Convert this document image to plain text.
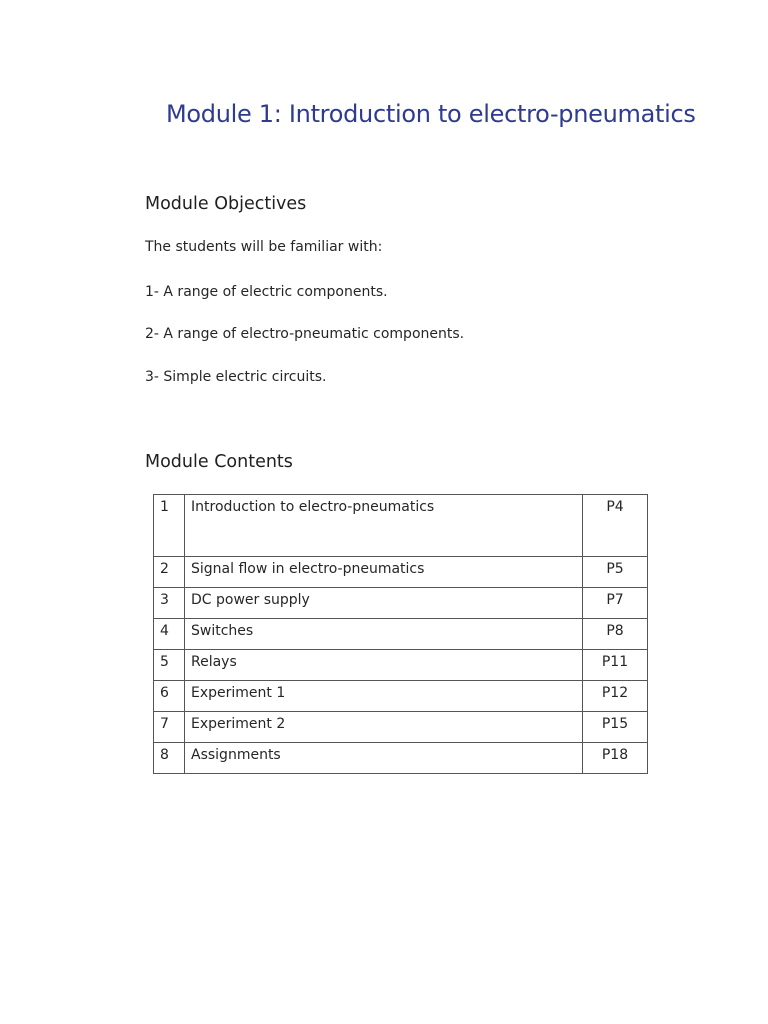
Module 1: Introduction to electro-pneumatics
Module Objectives
The students will be familiar with:
1- A range of electric components.
2- A range of electro-pneumatic components.
3- Simple electric circuits.
Module Contents
1	Introduction to electro-pneumatics	P4
2	Signal flow in electro-pneumatics	P5
3	DC power supply	P7
4	Switches	P8
5	Relays	P11
6	Experiment 1	P12
7	Experiment 2	P15
8	Assignments	P18
